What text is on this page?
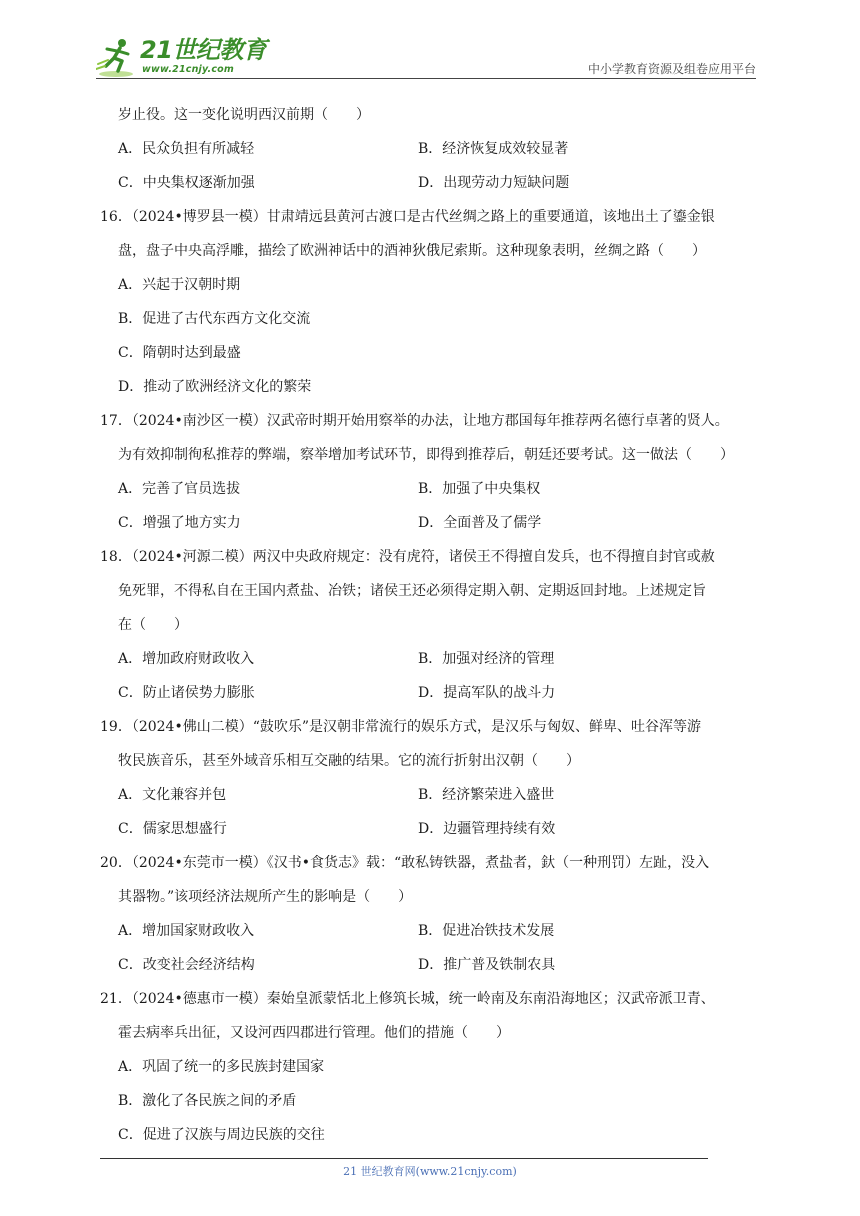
21世纪教育
www.21cnjy.com	中小学教育资源及组卷应用平台
岁止役。这一变化说明西汉前期（　　）
A．民众负担有所减轻	B．经济恢复成效较显著
C．中央集权逐渐加强	D．出现劳动力短缺问题
16．（2024•博罗县一模）甘肃靖远县黄河古渡口是古代丝绸之路上的重要通道，该地出土了鎏金银
盘，盘子中央高浮雕，描绘了欧洲神话中的酒神狄俄尼索斯。这种现象表明，丝绸之路（　　）
A．兴起于汉朝时期
B．促进了古代东西方文化交流
C．隋朝时达到最盛
D．推动了欧洲经济文化的繁荣
17．（2024•南沙区一模）汉武帝时期开始用察举的办法，让地方郡国每年推荐两名德行卓著的贤人。
为有效抑制徇私推荐的弊端，察举增加考试环节，即得到推荐后，朝廷还要考试。这一做法（　　）
A．完善了官员选拔	B．加强了中央集权
C．增强了地方实力	D．全面普及了儒学
18．（2024•河源二模）两汉中央政府规定：没有虎符，诸侯王不得擅自发兵，也不得擅自封官或赦
免死罪，不得私自在王国内煮盐、冶铁；诸侯王还必须得定期入朝、定期返回封地。上述规定旨
在（　　）
A．增加政府财政收入	B．加强对经济的管理
C．防止诸侯势力膨胀	D．提高军队的战斗力
19．（2024•佛山二模）“鼓吹乐”是汉朝非常流行的娱乐方式，是汉乐与匈奴、鲜卑、吐谷浑等游
牧民族音乐，甚至外域音乐相互交融的结果。它的流行折射出汉朝（　　）
A．文化兼容并包	B．经济繁荣进入盛世
C．儒家思想盛行	D．边疆管理持续有效
20．（2024•东莞市一模）《汉书•食货志》载：“敢私铸铁器，煮盐者，釱（一种刑罚）左趾，没入
其器物。”该项经济法规所产生的影响是（　　）
A．增加国家财政收入	B．促进冶铁技术发展
C．改变社会经济结构	D．推广普及铁制农具
21．（2024•德惠市一模）秦始皇派蒙恬北上修筑长城，统一岭南及东南沿海地区；汉武帝派卫青、
霍去病率兵出征，又设河西四郡进行管理。他们的措施（　　）
A．巩固了统一的多民族封建国家
B．激化了各民族之间的矛盾
C．促进了汉族与周边民族的交往
21 世纪教育网(www.21cnjy.com)
